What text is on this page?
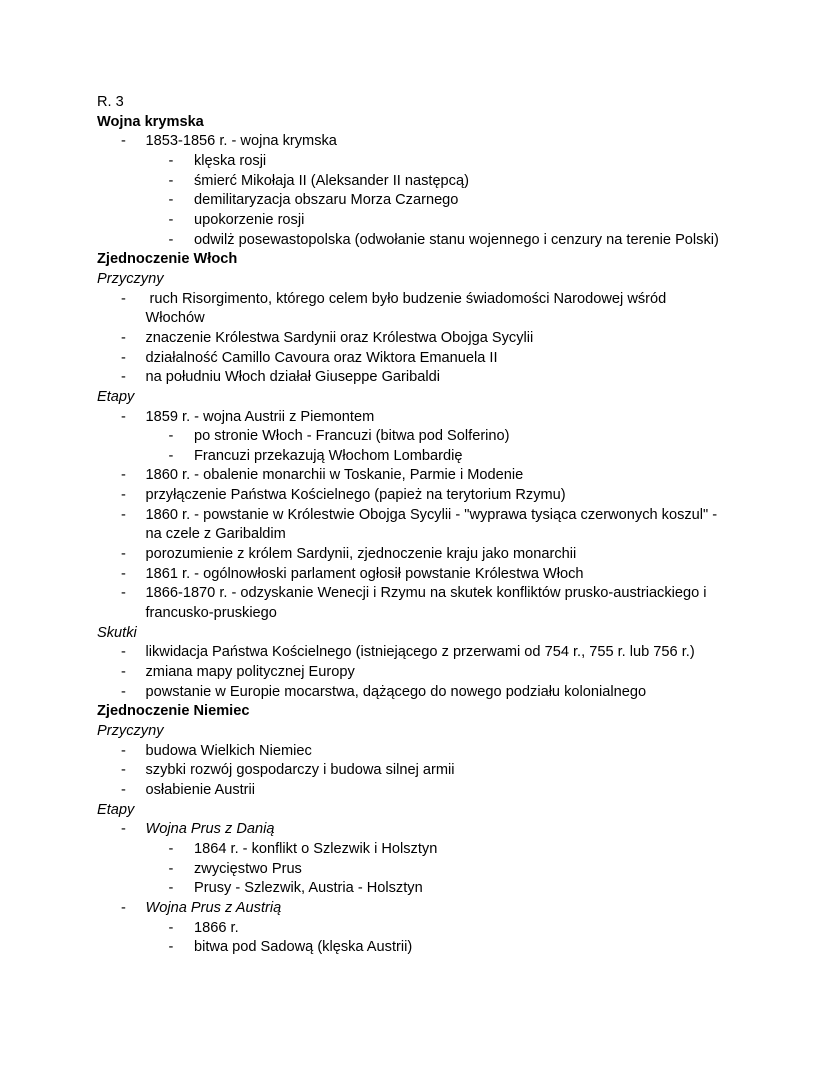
R. 3
Wojna krymska
- 1853-1856 r. - wojna krymska
- klęska rosji
- śmierć Mikołaja II (Aleksander II następcą)
- demilitaryzacja obszaru Morza Czarnego
- upokorzenie rosji
- odwilż posewastopolska (odwołanie stanu wojennego i cenzury na terenie Polski)
Zjednoczenie Włoch
Przyczyny
- ruch Risorgimento, którego celem było budzenie świadomości Narodowej wśród
Włochów
- znaczenie Królestwa Sardynii oraz Królestwa Obojga Sycylii
- działalność Camillo Cavoura oraz Wiktora Emanuela II
- na południu Włoch działał Giuseppe Garibaldi
Etapy
- 1859 r. - wojna Austrii z Piemontem
- po stronie Włoch - Francuzi (bitwa pod Solferino)
- Francuzi przekazują Włochom Lombardię
- 1860 r. - obalenie monarchii w Toskanie, Parmie i Modenie
- przyłączenie Państwa Kościelnego (papież na terytorium Rzymu)
- 1860 r. - powstanie w Królestwie Obojga Sycylii - "wyprawa tysiąca czerwonych koszul" -
na czele z Garibaldim
- porozumienie z królem Sardynii, zjednoczenie kraju jako monarchii
- 1861 r. - ogólnowłoski parlament ogłosił powstanie Królestwa Włoch
- 1866-1870 r. - odzyskanie Wenecji i Rzymu na skutek konfliktów prusko-austriackiego i
francusko-pruskiego
Skutki
- likwidacja Państwa Kościelnego (istniejącego z przerwami od 754 r., 755 r. lub 756 r.)
- zmiana mapy politycznej Europy
- powstanie w Europie mocarstwa, dążącego do nowego podziału kolonialnego
Zjednoczenie Niemiec
Przyczyny
- budowa Wielkich Niemiec
- szybki rozwój gospodarczy i budowa silnej armii
- osłabienie Austrii
Etapy
- Wojna Prus z Danią
- 1864 r. - konflikt o Szlezwik i Holsztyn
- zwycięstwo Prus
- Prusy - Szlezwik, Austria - Holsztyn
- Wojna Prus z Austrią
- 1866 r.
- bitwa pod Sadową (klęska Austrii)
